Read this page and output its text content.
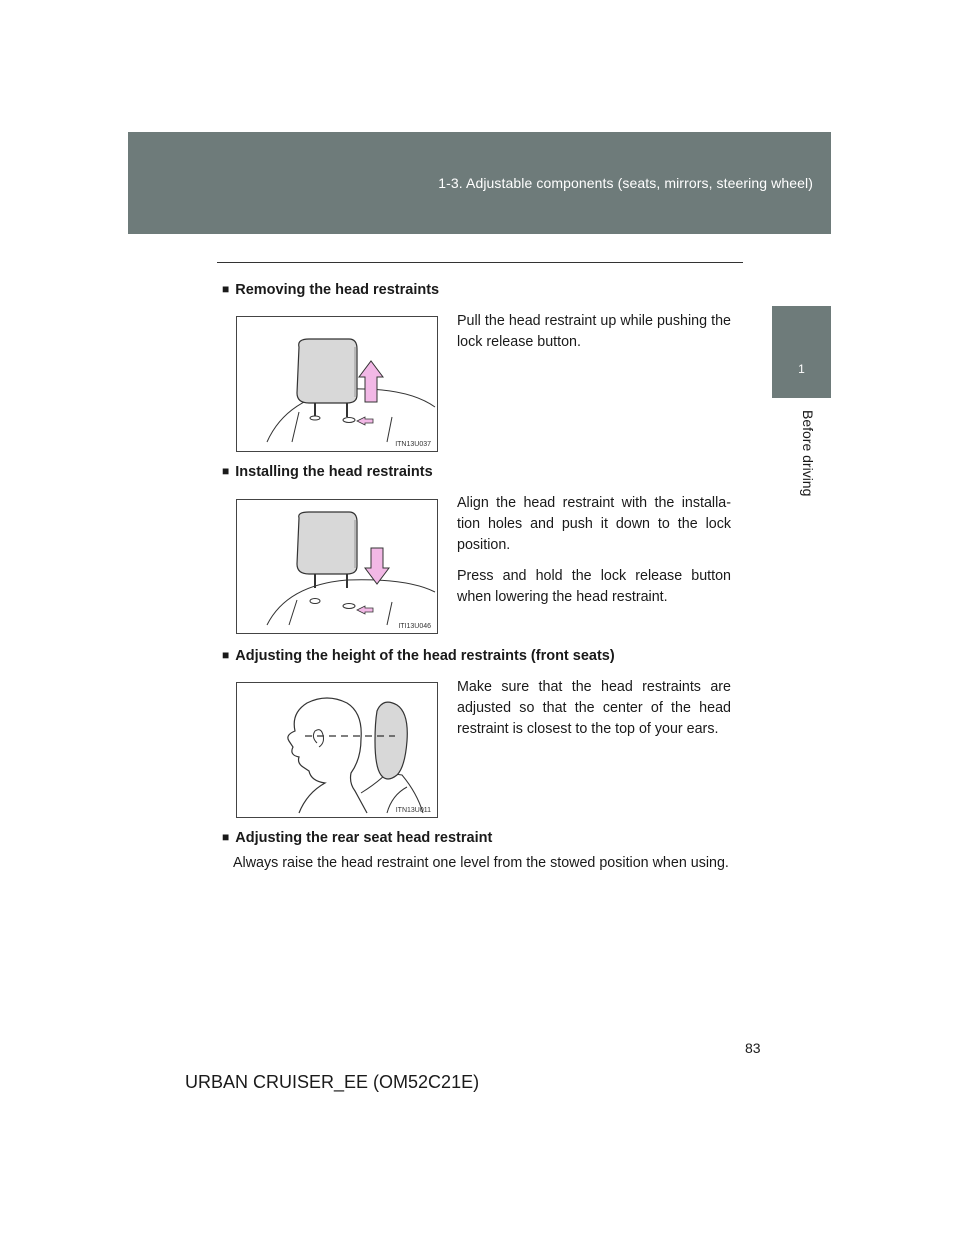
1-3. Adjustable components (seats, mirrors, steering wheel)
1
Before driving
■ Removing the head restraints

Pull the head restraint up while pushing the lock release button.

ITN13U037
■ Installing the head restraints

Align the head restraint with the installa-tion holes and push it down to the lock position.

Press and hold the lock release button when lowering the head restraint.

ITI13U046
■ Adjusting the height of the head restraints (front seats)

Make sure that the head restraints are adjusted so that the center of the head restraint is closest to the top of your ears.

ITN13U011
■ Adjusting the rear seat head restraint
Always raise the head restraint one level from the stowed position when using.
83
URBAN CRUISER_EE (OM52C21E)
